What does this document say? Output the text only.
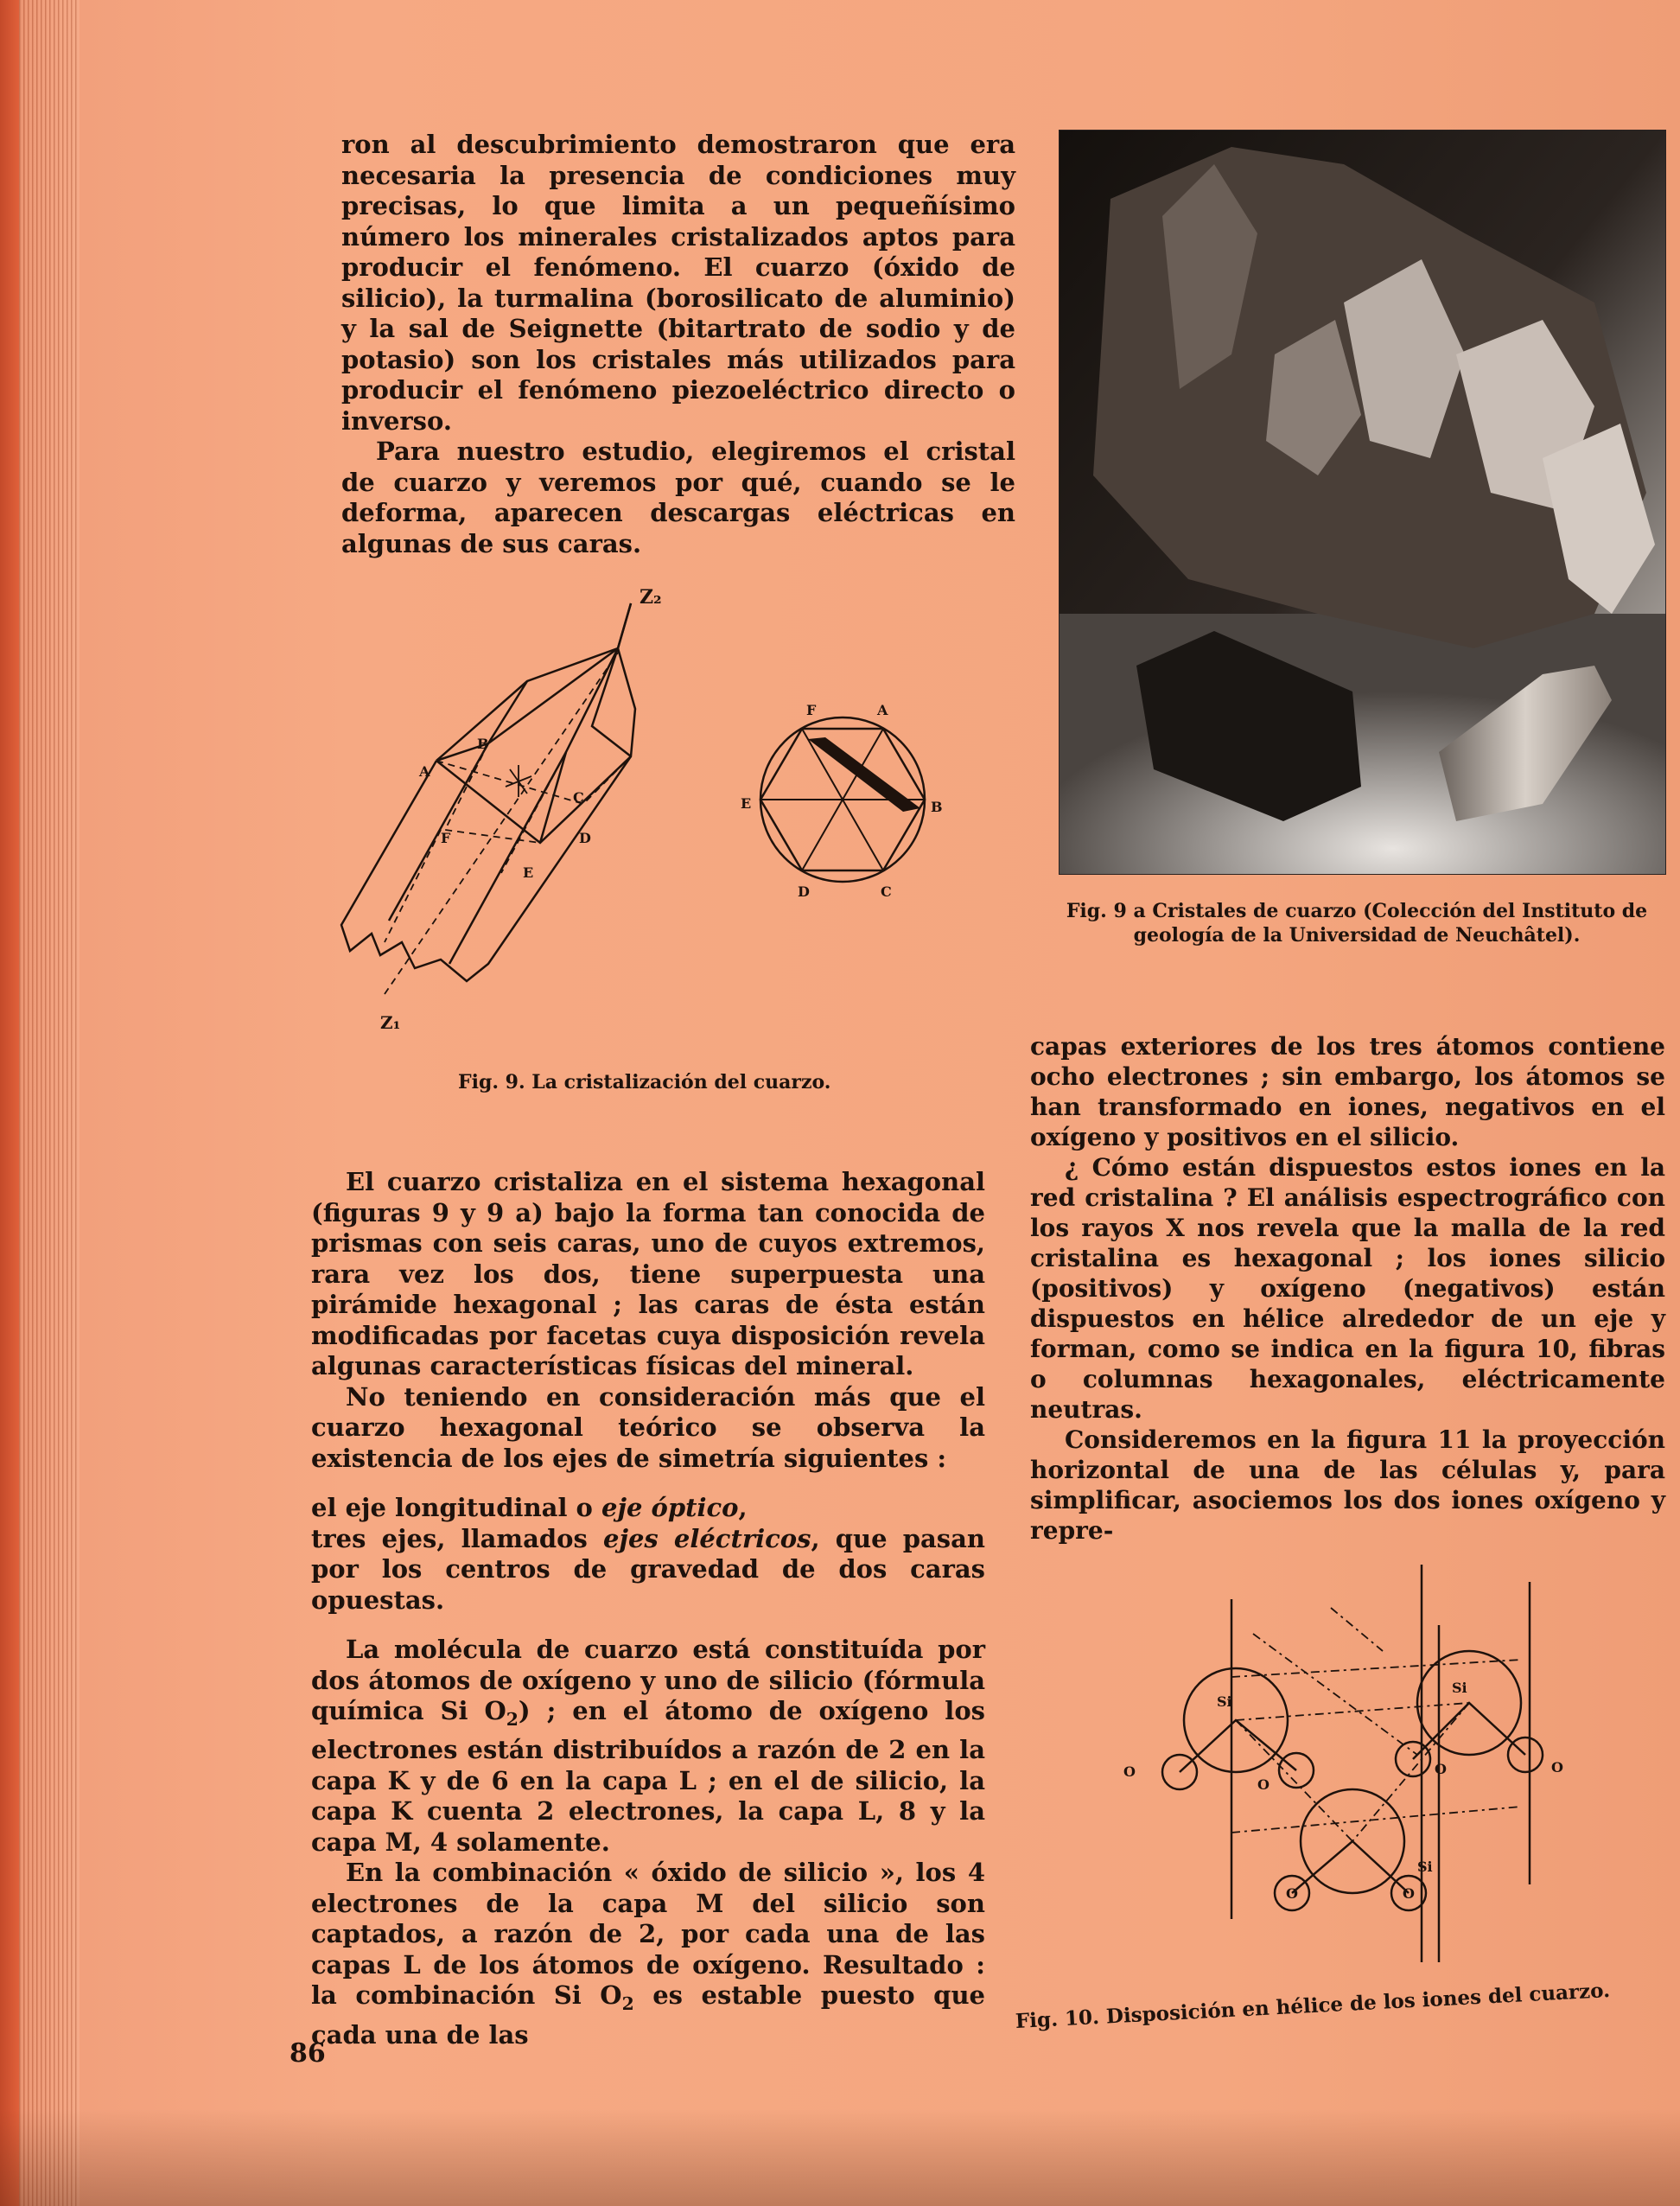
ron al descubrimiento demostraron que era necesaria la presencia de condiciones muy precisas, lo que limita a un pequeñísimo número los minerales cristalizados aptos para producir el fenómeno. El cuarzo (óxido de silicio), la turmalina (borosilicato de aluminio) y la sal de Seignette (bitartrato de sodio y de potasio) son los cristales más utilizados para producir el fenómeno piezoeléctrico directo o inverso.

Para nuestro estudio, elegiremos el cristal de cuarzo y veremos por qué, cuando se le deforma, aparecen descargas eléctricas en algunas de sus caras.

Z₂
Z₁
A
B
C
D
E
F
F	A
B
E
D	C
Fig. 9. La cristalización del cuarzo.
Fig. 9 a Cristales de cuarzo (Colección del Instituto de geología de la Universidad de Neuchâtel).

El cuarzo cristaliza en el sistema hexagonal (figuras 9 y 9 a) bajo la forma tan conocida de prismas con seis caras, uno de cuyos extremos, rara vez los dos, tiene superpuesta una pirámide hexagonal ; las caras de ésta están modificadas por facetas cuya disposición revela algunas características físicas del mineral.

No teniendo en consideración más que el cuarzo hexagonal teórico se observa la existencia de los ejes de simetría siguientes :

el eje longitudinal o eje óptico,

tres ejes, llamados ejes eléctricos, que pasan por los centros de gravedad de dos caras opuestas.

La molécula de cuarzo está constituída por dos átomos de oxígeno y uno de silicio (fórmula química Si $O_2$) ; en el átomo de oxígeno los electrones están distribuídos a razón de 2 en la capa K y de 6 en la capa L ; en el de silicio, la capa K cuenta 2 electrones, la capa L, 8 y la capa M, 4 solamente.

En la combinación « óxido de silicio », los 4 electrones de la capa M del silicio son captados, a razón de 2, por cada una de las capas L de los átomos de oxígeno. Resultado : la combinación Si $O_2$ es estable puesto que cada una de las

capas exteriores de los tres átomos contiene ocho electrones ; sin embargo, los átomos se han transformado en iones, negativos en el oxígeno y positivos en el silicio.

¿ Cómo están dispuestos estos iones en la red cristalina ? El análisis espectrográfico con los rayos X nos revela que la malla de la red cristalina es hexagonal ; los iones silicio (positivos) y oxígeno (negativos) están dispuestos en hélice alrededor de un eje y forman, como se indica en la figura 10, fibras o columnas hexagonales, eléctricamente neutras.

Consideremos en la figura 11 la proyección horizontal de una de las células y, para simplificar, asociemos los dos iones oxígeno y repre-

Si
Si
Si
O
O
O	O
O	O
Fig. 10. Disposición en hélice de los iones del cuarzo.
86
